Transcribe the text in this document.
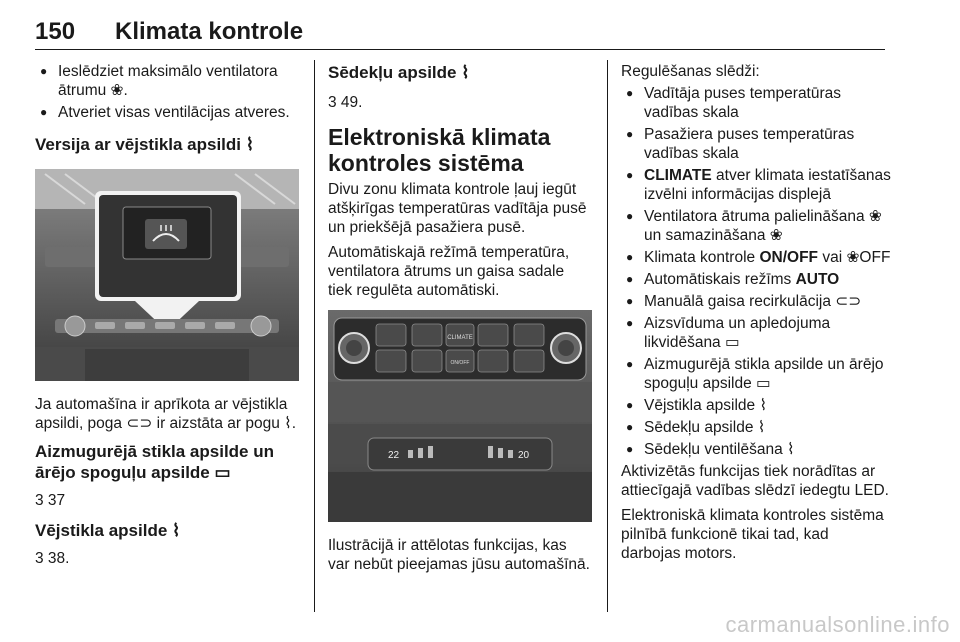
150 Klimata kontrole
● Ieslēdziet maksimālo ventilatora ātrumu ❀.
● Atveriet visas ventilācijas atveres.
Versija ar vējstikla apsildi ⌇

Ja automašīna ir aprīkota ar vējstikla apsildi, poga ⊂⊃ ir aizstāta ar pogu ⌇.

Aizmugurējā stikla apsilde un ārējo spoguļu apsilde ▭

3 37

Vējstikla apsilde ⌇

3 38.

Sēdekļu apsilde ⌇

3 49.

Elektroniskā klimata kontroles sistēma

Divu zonu klimata kontrole ļauj iegūt atšķirīgas temperatūras vadītāja pusē un priekšējā pasažiera pusē.

Automātiskajā režīmā temperatūra, ventilatora ātrums un gaisa sadale tiek regulēta automātiski.

CLIMATE
ON/OFF
22	20

Ilustrācijā ir attēlotas funkcijas, kas var nebūt pieejamas jūsu automašīnā.

Regulēšanas slēdži:

● Vadītāja puses temperatūras vadības skala
● Pasažiera puses temperatūras vadības skala
● CLIMATE atver klimata iestatīšanas izvēlni informācijas displejā
● Ventilatora ātruma palielināšana ❀ un samazināšana ❀
● Klimata kontrole ON/OFF vai ❀OFF
● Automātiskais režīms AUTO
● Manuālā gaisa recirkulācija ⊂⊃
● Aizsvīduma un apledojuma likvidēšana ▭
● Aizmugurējā stikla apsilde un ārējo spoguļu apsilde ▭
● Vējstikla apsilde ⌇
● Sēdekļu apsilde ⌇
● Sēdekļu ventilēšana ⌇

Aktivizētās funkcijas tiek norādītas ar attiecīgajā vadības slēdzī iedegtu LED.

Elektroniskā klimata kontroles sistēma pilnībā funkcionē tikai tad, kad darbojas motors.

carmanualsonline.info
